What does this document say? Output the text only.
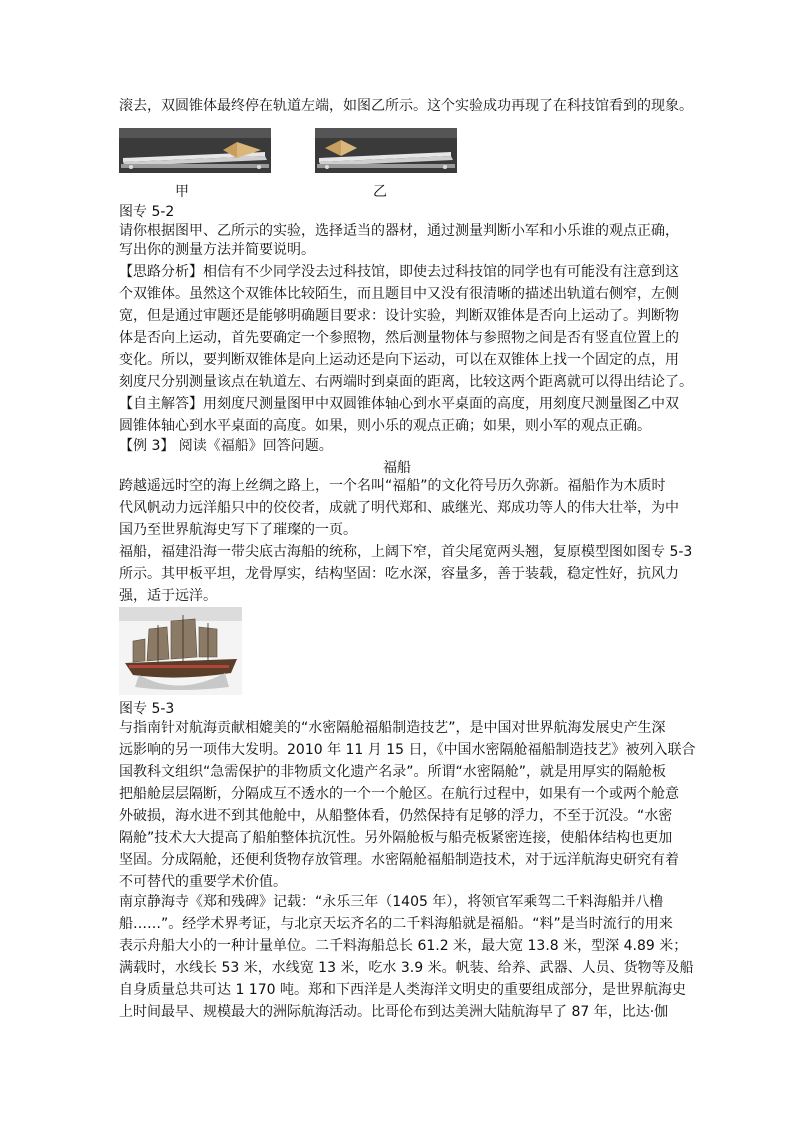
滚去，双圆锥体最终停在轨道左端，如图乙所示。这个实验成功再现了在科技馆看到的现象。
甲	乙
图专 5-2
请你根据图甲、乙所示的实验，选择适当的器材，通过测量判断小军和小乐谁的观点正确，
写出你的测量方法并简要说明。
【思路分析】相信有不少同学没去过科技馆，即使去过科技馆的同学也有可能没有注意到这
个双锥体。虽然这个双锥体比较陌生，而且题目中又没有很清晰的描述出轨道右侧窄，左侧
宽，但是通过审题还是能够明确题目要求：设计实验，判断双锥体是否向上运动了。判断物
体是否向上运动，首先要确定一个参照物，然后测量物体与参照物之间是否有竖直位置上的
变化。所以，要判断双锥体是向上运动还是向下运动，可以在双锥体上找一个固定的点，用
刻度尺分别测量该点在轨道左、右两端时到桌面的距离，比较这两个距离就可以得出结论了。
【自主解答】用刻度尺测量图甲中双圆锥体轴心到水平桌面的高度，用刻度尺测量图乙中双
圆锥体轴心到水平桌面的高度。如果，则小乐的观点正确；如果，则小军的观点正确。
【例 3】 阅读《福船》回答问题。
福船
跨越遥远时空的海上丝绸之路上，一个名叫“福船”的文化符号历久弥新。福船作为木质时
代风帆动力远洋船只中的佼佼者，成就了明代郑和、戚继光、郑成功等人的伟大壮举，为中
国乃至世界航海史写下了璀璨的一页。
福船，福建沿海一带尖底古海船的统称，上阔下窄，首尖尾宽两头翘，复原模型图如图专 5-3
所示。其甲板平坦，龙骨厚实，结构坚固：吃水深，容量多，善于装载，稳定性好，抗风力
强，适于远洋。
图专 5-3
与指南针对航海贡献相媲美的“水密隔舱福船制造技艺”，是中国对世界航海发展史产生深
远影响的另一项伟大发明。2010 年 11 月 15 日，《中国水密隔舱福船制造技艺》被列入联合
国教科文组织“急需保护的非物质文化遗产名录”。所谓“水密隔舱”，就是用厚实的隔舱板
把船舱层层隔断，分隔成互不透水的一个一个舱区。在航行过程中，如果有一个或两个舱意
外破损，海水进不到其他舱中，从船整体看，仍然保持有足够的浮力，不至于沉没。“水密
隔舱”技术大大提高了船舶整体抗沉性。另外隔舱板与船壳板紧密连接，使船体结构也更加
坚固。分成隔舱，还便利货物存放管理。水密隔舱福船制造技术，对于远洋航海史研究有着
不可替代的重要学术价值。
南京静海寺《郑和残碑》记载：“永乐三年（1405 年），将领官军乘驾二千料海船并八橹
船……”。经学术界考证，与北京天坛齐名的二千料海船就是福船。“料”是当时流行的用来
表示舟船大小的一种计量单位。二千料海船总长 61.2 米，最大宽 13.8 米，型深 4.89 米；
满载时，水线长 53 米，水线宽 13 米，吃水 3.9 米。帆装、给养、武器、人员、货物等及船
自身质量总共可达 1 170 吨。郑和下西洋是人类海洋文明史的重要组成部分，是世界航海史
上时间最早、规模最大的洲际航海活动。比哥伦布到达美洲大陆航海早了 87 年，比达·伽
